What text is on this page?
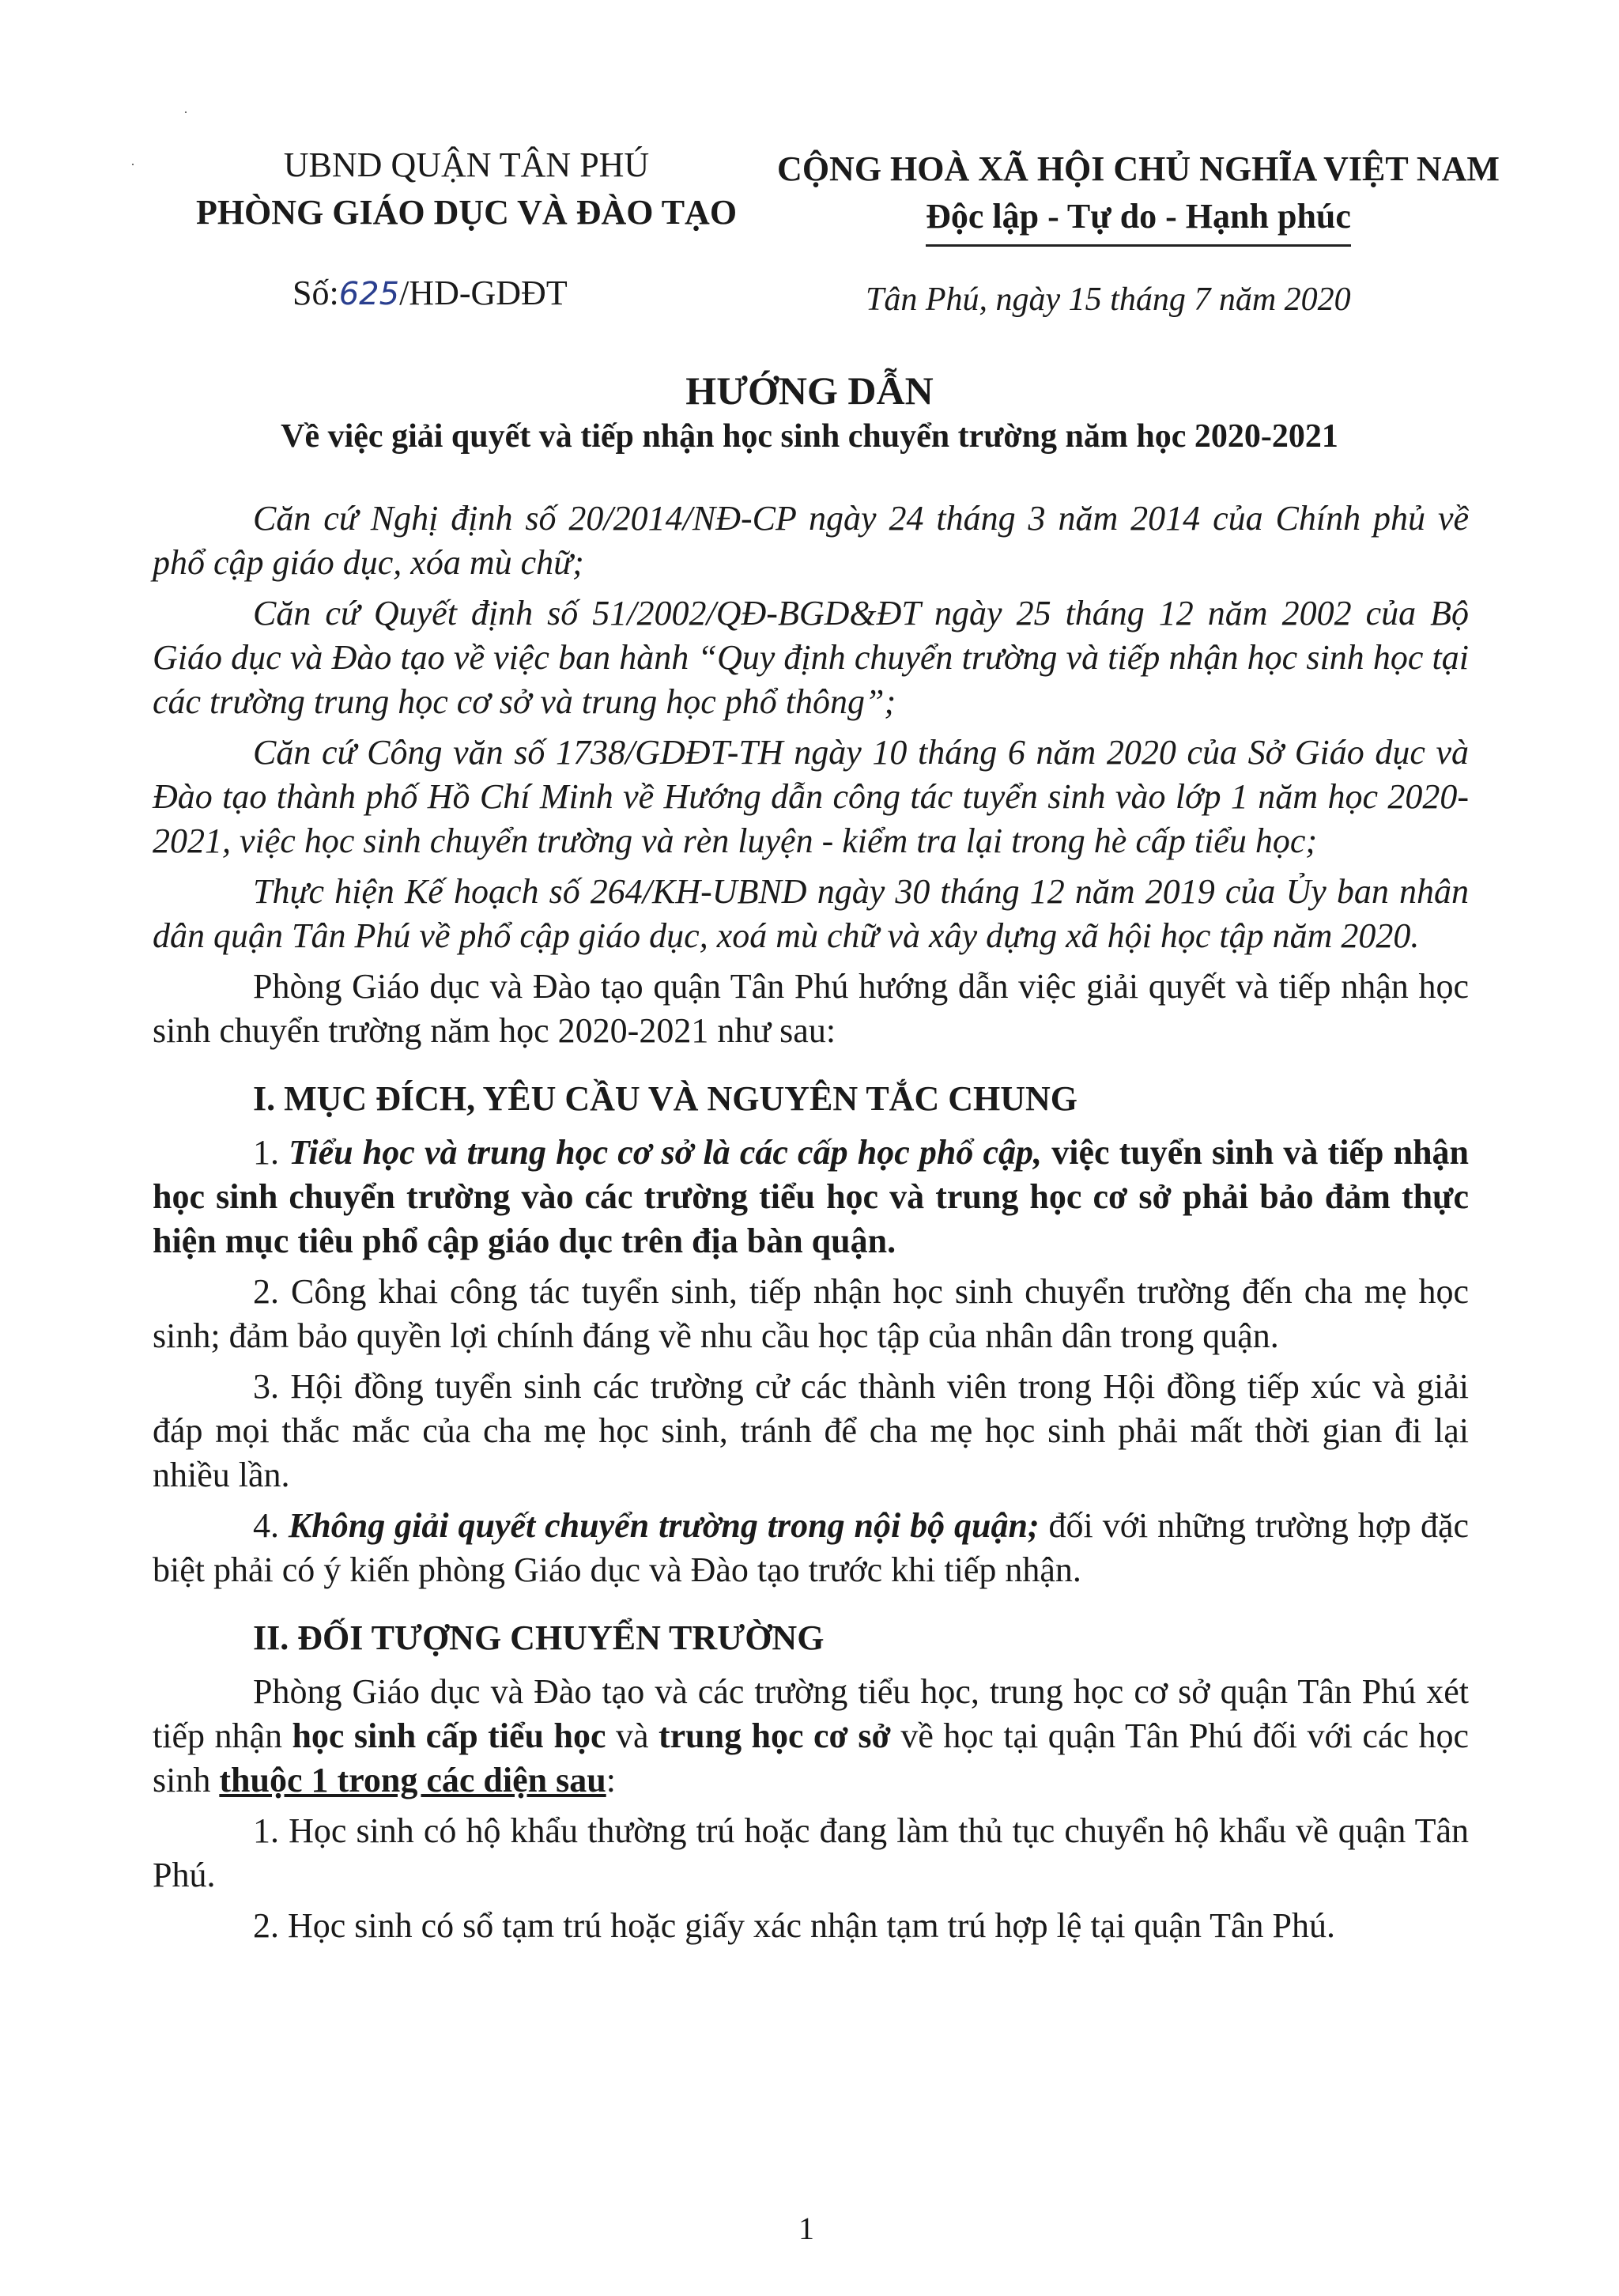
UBND QUẬN TÂN PHÚ
PHÒNG GIÁO DỤC VÀ ĐÀO TẠO
CỘNG HOÀ XÃ HỘI CHỦ NGHĨA VIỆT NAM
Độc lập - Tự do - Hạnh phúc
Số:625/HD-GDĐT	Tân Phú, ngày 15 tháng 7 năm 2020
HƯỚNG DẪN
Về việc giải quyết và tiếp nhận học sinh chuyển trường năm học 2020-2021

Căn cứ Nghị định số 20/2014/NĐ-CP ngày 24 tháng 3 năm 2014 của Chính phủ về phổ cập giáo dục, xóa mù chữ;

Căn cứ Quyết định số 51/2002/QĐ-BGD&ĐT ngày 25 tháng 12 năm 2002 của Bộ Giáo dục và Đào tạo về việc ban hành “Quy định chuyển trường và tiếp nhận học sinh học tại các trường trung học cơ sở và trung học phổ thông”;

Căn cứ Công văn số 1738/GDĐT-TH ngày 10 tháng 6 năm 2020 của Sở Giáo dục và Đào tạo thành phố Hồ Chí Minh về Hướng dẫn công tác tuyển sinh vào lớp 1 năm học 2020-2021, việc học sinh chuyển trường và rèn luyện - kiểm tra lại trong hè cấp tiểu học;

Thực hiện Kế hoạch số 264/KH-UBND ngày 30 tháng 12 năm 2019 của Ủy ban nhân dân quận Tân Phú về phổ cập giáo dục, xoá mù chữ và xây dựng xã hội học tập năm 2020.

Phòng Giáo dục và Đào tạo quận Tân Phú hướng dẫn việc giải quyết và tiếp nhận học sinh chuyển trường năm học 2020-2021 như sau:

I. MỤC ĐÍCH, YÊU CẦU VÀ NGUYÊN TẮC CHUNG

1. Tiểu học và trung học cơ sở là các cấp học phổ cập, việc tuyển sinh và tiếp nhận học sinh chuyển trường vào các trường tiểu học và trung học cơ sở phải bảo đảm thực hiện mục tiêu phổ cập giáo dục trên địa bàn quận.

2. Công khai công tác tuyển sinh, tiếp nhận học sinh chuyển trường đến cha mẹ học sinh; đảm bảo quyền lợi chính đáng về nhu cầu học tập của nhân dân trong quận.

3. Hội đồng tuyển sinh các trường cử các thành viên trong Hội đồng tiếp xúc và giải đáp mọi thắc mắc của cha mẹ học sinh, tránh để cha mẹ học sinh phải mất thời gian đi lại nhiều lần.

4. Không giải quyết chuyển trường trong nội bộ quận; đối với những trường hợp đặc biệt phải có ý kiến phòng Giáo dục và Đào tạo trước khi tiếp nhận.

II. ĐỐI TƯỢNG CHUYỂN TRƯỜNG

Phòng Giáo dục và Đào tạo và các trường tiểu học, trung học cơ sở quận Tân Phú xét tiếp nhận học sinh cấp tiểu học và trung học cơ sở về học tại quận Tân Phú đối với các học sinh thuộc 1 trong các diện sau:

1. Học sinh có hộ khẩu thường trú hoặc đang làm thủ tục chuyển hộ khẩu về quận Tân Phú.

2. Học sinh có sổ tạm trú hoặc giấy xác nhận tạm trú hợp lệ tại quận Tân Phú.

1
·
·
